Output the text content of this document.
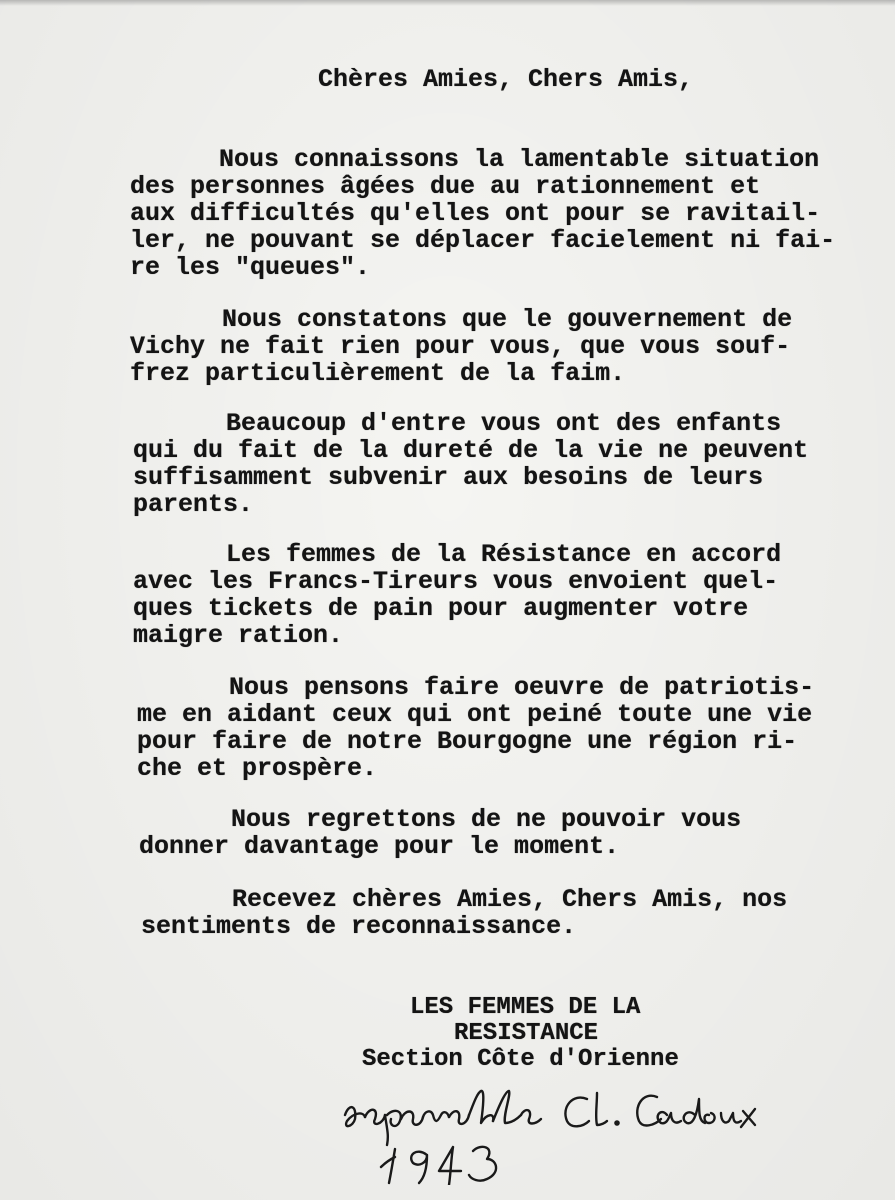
Chères Amies, Chers Amis,
Nous connaissons la lamentable situation
des personnes âgées due au rationnement et
aux difficultés qu'elles ont pour se ravitail-
ler, ne pouvant se déplacer facielement ni fai-
re les "queues".
Nous constatons que le gouvernement de
Vichy ne fait rien pour vous, que vous souf-
frez particulièrement de la faim.
Beaucoup d'entre vous ont des enfants
qui du fait de la dureté de la vie ne peuvent
suffisamment subvenir aux besoins de leurs
parents.
Les femmes de la Résistance en accord
avec les Francs-Tireurs vous envoient quel-
ques tickets de pain pour augmenter votre
maigre ration.
Nous pensons faire oeuvre de patriotis-
me en aidant ceux qui ont peiné toute une vie
pour faire de notre Bourgogne une région ri-
che et prospère.
Nous regrettons de ne pouvoir vous
donner davantage pour le moment.
Recevez chères Amies, Chers Amis, nos
sentiments de reconnaissance.
LES FEMMES DE LA
RESISTANCE
Section Côte d'Orienne
